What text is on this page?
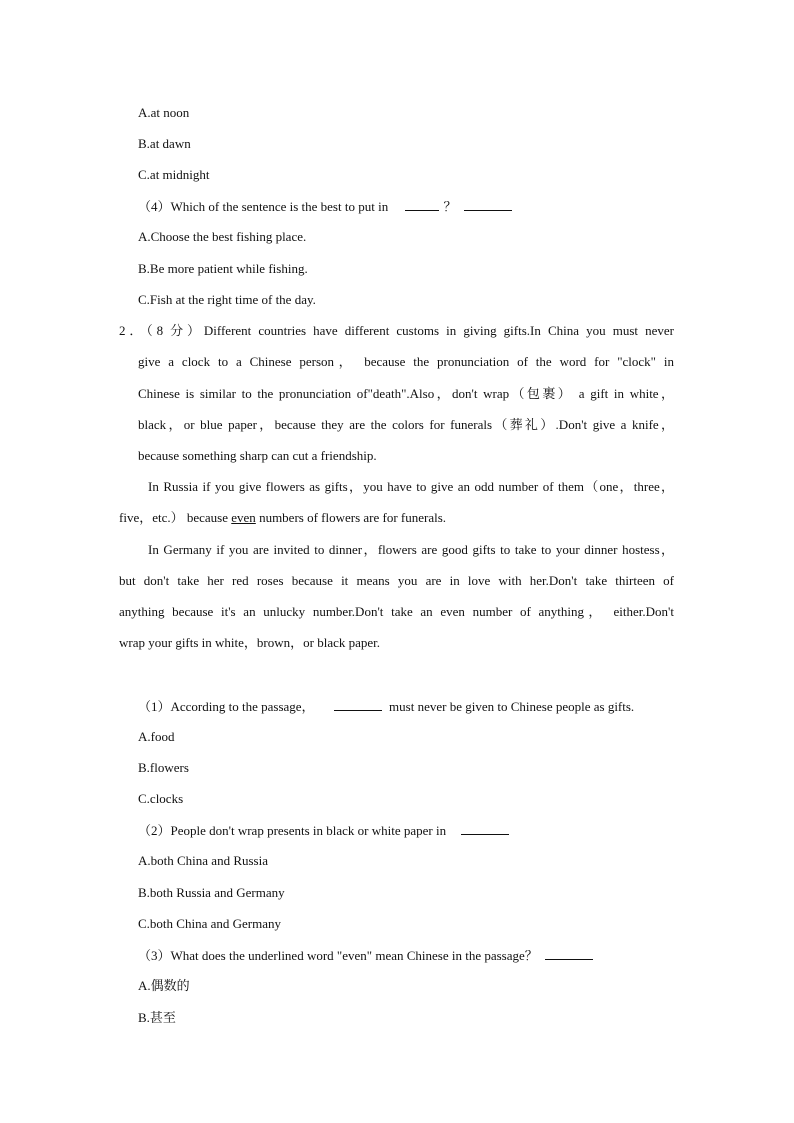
A.at noon
B.at dawn
C.at midnight
（4）Which of the sentence is the best to put in	？
A.Choose the best fishing place.
B.Be more patient while fishing.
C.Fish at the right time of the day.
2．（8 分）Different countries have different customs in giving gifts.In China you must never
give a clock to a Chinese person， because the pronunciation of the word for "clock" in
Chinese is similar to the pronunciation of"death".Also，don't wrap（包裹） a gift in white，
black，or blue paper，because they are the colors for funerals（葬礼）.Don't give a knife，
because something sharp can cut a friendship.
In Russia if you give flowers as gifts，you have to give an odd number of them（one，three，
five，etc.） because even numbers of flowers are for funerals.
In Germany if you are invited to dinner，flowers are good gifts to take to your dinner hostess，
but don't take her red roses because it means you are in love with her.Don't take thirteen of
anything because it's an unlucky number.Don't take an even number of anything， either.Don't
wrap your gifts in white，brown，or black paper.
（1）According to the passage，	must never be given to Chinese people as gifts.
A.food
B.flowers
C.clocks
（2）People don't wrap presents in black or white paper in
A.both China and Russia
B.both Russia and Germany
C.both China and Germany
（3）What does the underlined word "even" mean Chinese in the passage？
A.偶数的
B.甚至
